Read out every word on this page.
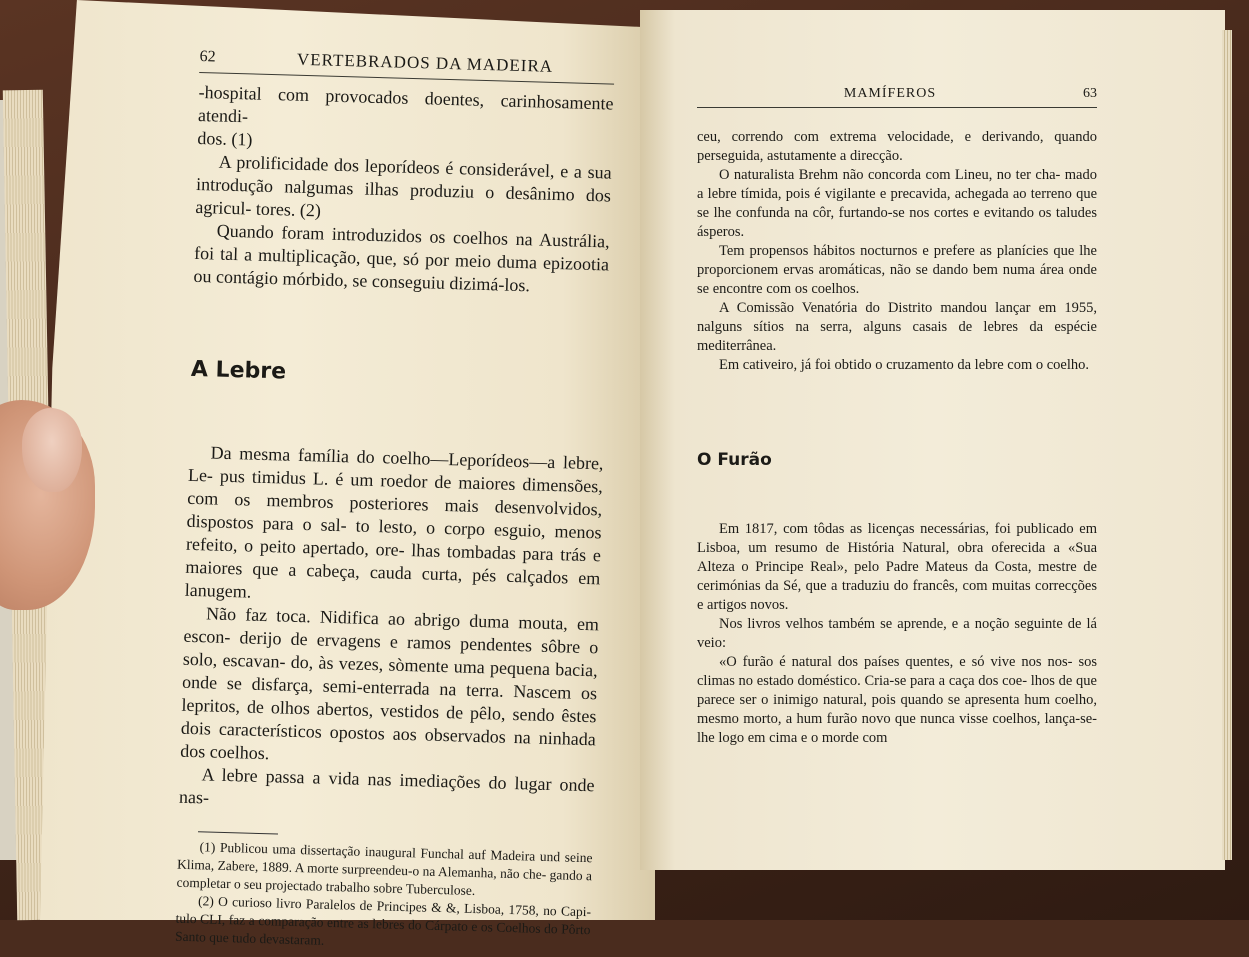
62	VERTEBRADOS DA MADEIRA

-hospital com provocados doentes, carinhosamente atendi-

dos. (1)

A prolificidade dos leporídeos é considerável, e a sua introdução nalgumas ilhas produziu o desânimo dos agricul- tores. (2)

Quando foram introduzidos os coelhos na Austrália, foi tal a multiplicação, que, só por meio duma epizootia ou contágio mórbido, se conseguiu dizimá-los.

A Lebre

Da mesma família do coelho—Leporídeos—a lebre, Le- pus timidus L. é um roedor de maiores dimensões, com os membros posteriores mais desenvolvidos, dispostos para o sal- to lesto, o corpo esguio, menos refeito, o peito apertado, ore- lhas tombadas para trás e maiores que a cabeça, cauda curta, pés calçados em lanugem.

Não faz toca. Nidifica ao abrigo duma mouta, em escon- derijo de ervagens e ramos pendentes sôbre o solo, escavan- do, às vezes, sòmente uma pequena bacia, onde se disfarça, semi-enterrada na terra. Nascem os lepritos, de olhos abertos, vestidos de pêlo, sendo êstes dois característicos opostos aos observados na ninhada dos coelhos.

A lebre passa a vida nas imediações do lugar onde nas-

(1) Publicou uma dissertação inaugural Funchal auf Madeira und seine Klima, Zabere, 1889. A morte surpreendeu-o na Alemanha, não che- gando a completar o seu projectado trabalho sobre Tuberculose.

(2) O curioso livro Paralelos de Principes & &, Lisboa, 1758, no Capi- tulo CLI, faz a comparação entre as lebres do Cárpato e os Coelhos do Pôrto Santo que tudo devastaram.

MAMÍFEROS	63

ceu, correndo com extrema velocidade, e derivando, quando perseguida, astutamente a direcção.

O naturalista Brehm não concorda com Lineu, no ter cha- mado a lebre tímida, pois é vigilante e precavida, achegada ao terreno que se lhe confunda na côr, furtando-se nos cortes e evitando os taludes ásperos.

Tem propensos hábitos nocturnos e prefere as planícies que lhe proporcionem ervas aromáticas, não se dando bem numa área onde se encontre com os coelhos.

A Comissão Venatória do Distrito mandou lançar em 1955, nalguns sítios na serra, alguns casais de lebres da espécie mediterrânea.

Em cativeiro, já foi obtido o cruzamento da lebre com o coelho.

O Furão

Em 1817, com tôdas as licenças necessárias, foi publicado em Lisboa, um resumo de História Natural, obra oferecida a «Sua Alteza o Principe Real», pelo Padre Mateus da Costa, mestre de cerimónias da Sé, que a traduziu do francês, com muitas correcções e artigos novos.

Nos livros velhos também se aprende, e a noção seguinte de lá veio:

«O furão é natural dos países quentes, e só vive nos nos- sos climas no estado doméstico. Cria-se para a caça dos coe- lhos de que parece ser o inimigo natural, pois quando se apresenta hum coelho, mesmo morto, a hum furão novo que nunca visse coelhos, lança-se-lhe logo em cima e o morde com
